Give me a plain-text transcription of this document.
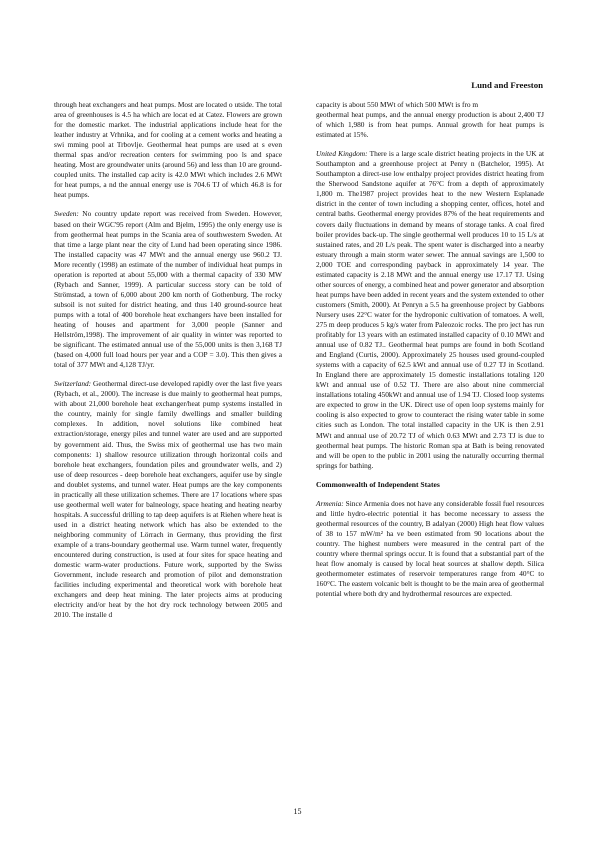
Lund and Freeston

through heat exchangers and heat pumps. Most are located o utside. The total area of greenhouses is 4.5 ha which are locat ed at Catez. Flowers are grown for the domestic market. The industrial applications include heat for the leather industry at Vrhnika, and for cooling at a cement works and heating a swi mming pool at Trbovlje. Geothermal heat pumps are used at s even thermal spas and/or recreation centers for swimming poo ls and space heating. Most are groundwater units (around 56) and less than 10 are ground-coupled units. The installed cap acity is 42.0 MWt which includes 2.6 MWt for heat pumps, a nd the annual energy use is 704.6 TJ of which 46.8 is for heat pumps.

Sweden: No country update report was received from Sweden. However, based on their WGC'95 report (Alm and Bjelm, 1995) the only energy use is from geothermal heat pumps in the Scania area of southwestern Sweden. At that time a large plant near the city of Lund had been operating since 1986. The installed capacity was 47 MWt and the annual energy use 960.2 TJ. More recently (1998) an estimate of the number of individual heat pumps in operation is reported at about 55,000 with a thermal capacity of 330 MW (Rybach and Sanner, 1999). A particular success story can be told of Strömstad, a town of 6,000 about 200 km north of Gothenburg. The rocky subsoil is not suited for district heating, and thus 140 ground-source heat pumps with a total of 400 borehole heat exchangers have been installed for heating of houses and apartment for 3,000 people (Sanner and Hellström,1998). The improvement of air quality in winter was reported to be significant. The estimated annual use of the 55,000 units is then 3,168 TJ (based on 4,000 full load hours per year and a COP = 3.0). This then gives a total of 377 MWt and 4,128 TJ/yr.

Switzerland: Geothermal direct-use developed rapidly over the last five years (Rybach, et al., 2000). The increase is due mainly to geothermal heat pumps, with about 21,000 borehole heat exchanger/heat pump systems installed in the country, mainly for single family dwellings and smaller building complexes. In addition, novel solutions like combined heat extraction/storage, energy piles and tunnel water are used and are supported by government aid. Thus, the Swiss mix of geothermal use has two main components: 1) shallow resource utilization through horizontal coils and borehole heat exchangers, foundation piles and groundwater wells, and 2) use of deep resources - deep borehole heat exchangers, aquifer use by single and doublet systems, and tunnel water. Heat pumps are the key components in practically all these utilization schemes. There are 17 locations where spas use geothermal well water for balneology, space heating and heating nearby hospitals. A successful drilling to tap deep aquifers is at Riehen where heat is used in a district heating network which has also be extended to the neighboring community of Lörrach in Germany, thus providing the first example of a trans-boundary geothermal use. Warm tunnel water, frequently encountered during construction, is used at four sites for space heating and domestic warm-water productions. Future work, supported by the Swiss Government, include research and promotion of pilot and demonstration facilities including experimental and theoretical work with borehole heat exchangers and deep heat mining. The later projects aims at producing electricity and/or heat by the hot dry rock technology between 2005 and 2010. The installe d

capacity is about 550 MWt of which 500 MWt is fro m

geothermal heat pumps, and the annual energy production is about 2,400 TJ of which 1,980 is from heat pumps. Annual growth for heat pumps is estimated at 15%.

United Kingdom: There is a large scale district heating projects in the UK at Southampton and a greenhouse project at Penry n (Batchelor, 1995). At Southampton a direct-use low enthalpy project provides district heating from the Sherwood Sandstone aquifer at 76°C from a depth of approximately 1,800 m. The1987 project provides heat to the new Western Esplanade district in the center of town including a shopping center, offices, hotel and central baths. Geothermal energy provides 87% of the heat requirements and covers daily fluctuations in demand by means of storage tanks. A coal fired boiler provides back-up. The single geothermal well produces 10 to 15 L/s at sustained rates, and 20 L/s peak. The spent water is discharged into a nearby estuary through a main storm water sewer. The annual savings are 1,500 to 2,000 TOE and corresponding payback in approximately 14 year. The estimated capacity is 2.18 MWt and the annual energy use 17.17 TJ. Using other sources of energy, a combined heat and power generator and absorption heat pumps have been added in recent years and the system extended to other customers (Smith, 2000). At Penryn a 5.5 ha greenhouse project by Gabbons Nursery uses 22°C water for the hydroponic cultivation of tomatoes. A well, 275 m deep produces 5 kg/s water from Paleozoic rocks. The pro ject has run profitably for 13 years with an estimated installed capacity of 0.10 MWt and annual use of 0.82 TJ.. Geothermal heat pumps are found in both Scotland and England (Curtis, 2000). Approximately 25 houses used ground-coupled systems with a capacity of 62.5 kWt and annual use of 0.27 TJ in Scotland. In England there are approximately 15 domestic installations totaling 120 kWt and annual use of 0.52 TJ. There are also about nine commercial installations totaling 450kWt and annual use of 1.94 TJ. Closed loop systems are expected to grow in the UK. Direct use of open loop systems mainly for cooling is also expected to grow to counteract the rising water table in some cities such as London. The total installed capacity in the UK is then 2.91 MWt and annual use of 20.72 TJ of which 0.63 MWt and 2.73 TJ is due to geothermal heat pumps. The historic Roman spa at Bath is being renovated and will be open to the public in 2001 using the naturally occurring thermal springs for bathing.

Commonwealth of Independent States

Armenia: Since Armenia does not have any considerable fossil fuel resources and little hydro-electric potential it has become necessary to assess the geothermal resources of the country, B adalyan (2000) High heat flow values of 38 to 157 mW/m² ha ve been estimated from 90 locations about the country. The highest numbers were measured in the central part of the country where thermal springs occur. It is found that a substantial part of the heat flow anomaly is caused by local heat sources at shallow depth. Silica geothermometer estimates of reservoir temperatures range from 40°C to 160°C. The eastern volcanic belt is thought to be the main area of geothermal potential where both dry and hydrothermal resources are expected.

15
